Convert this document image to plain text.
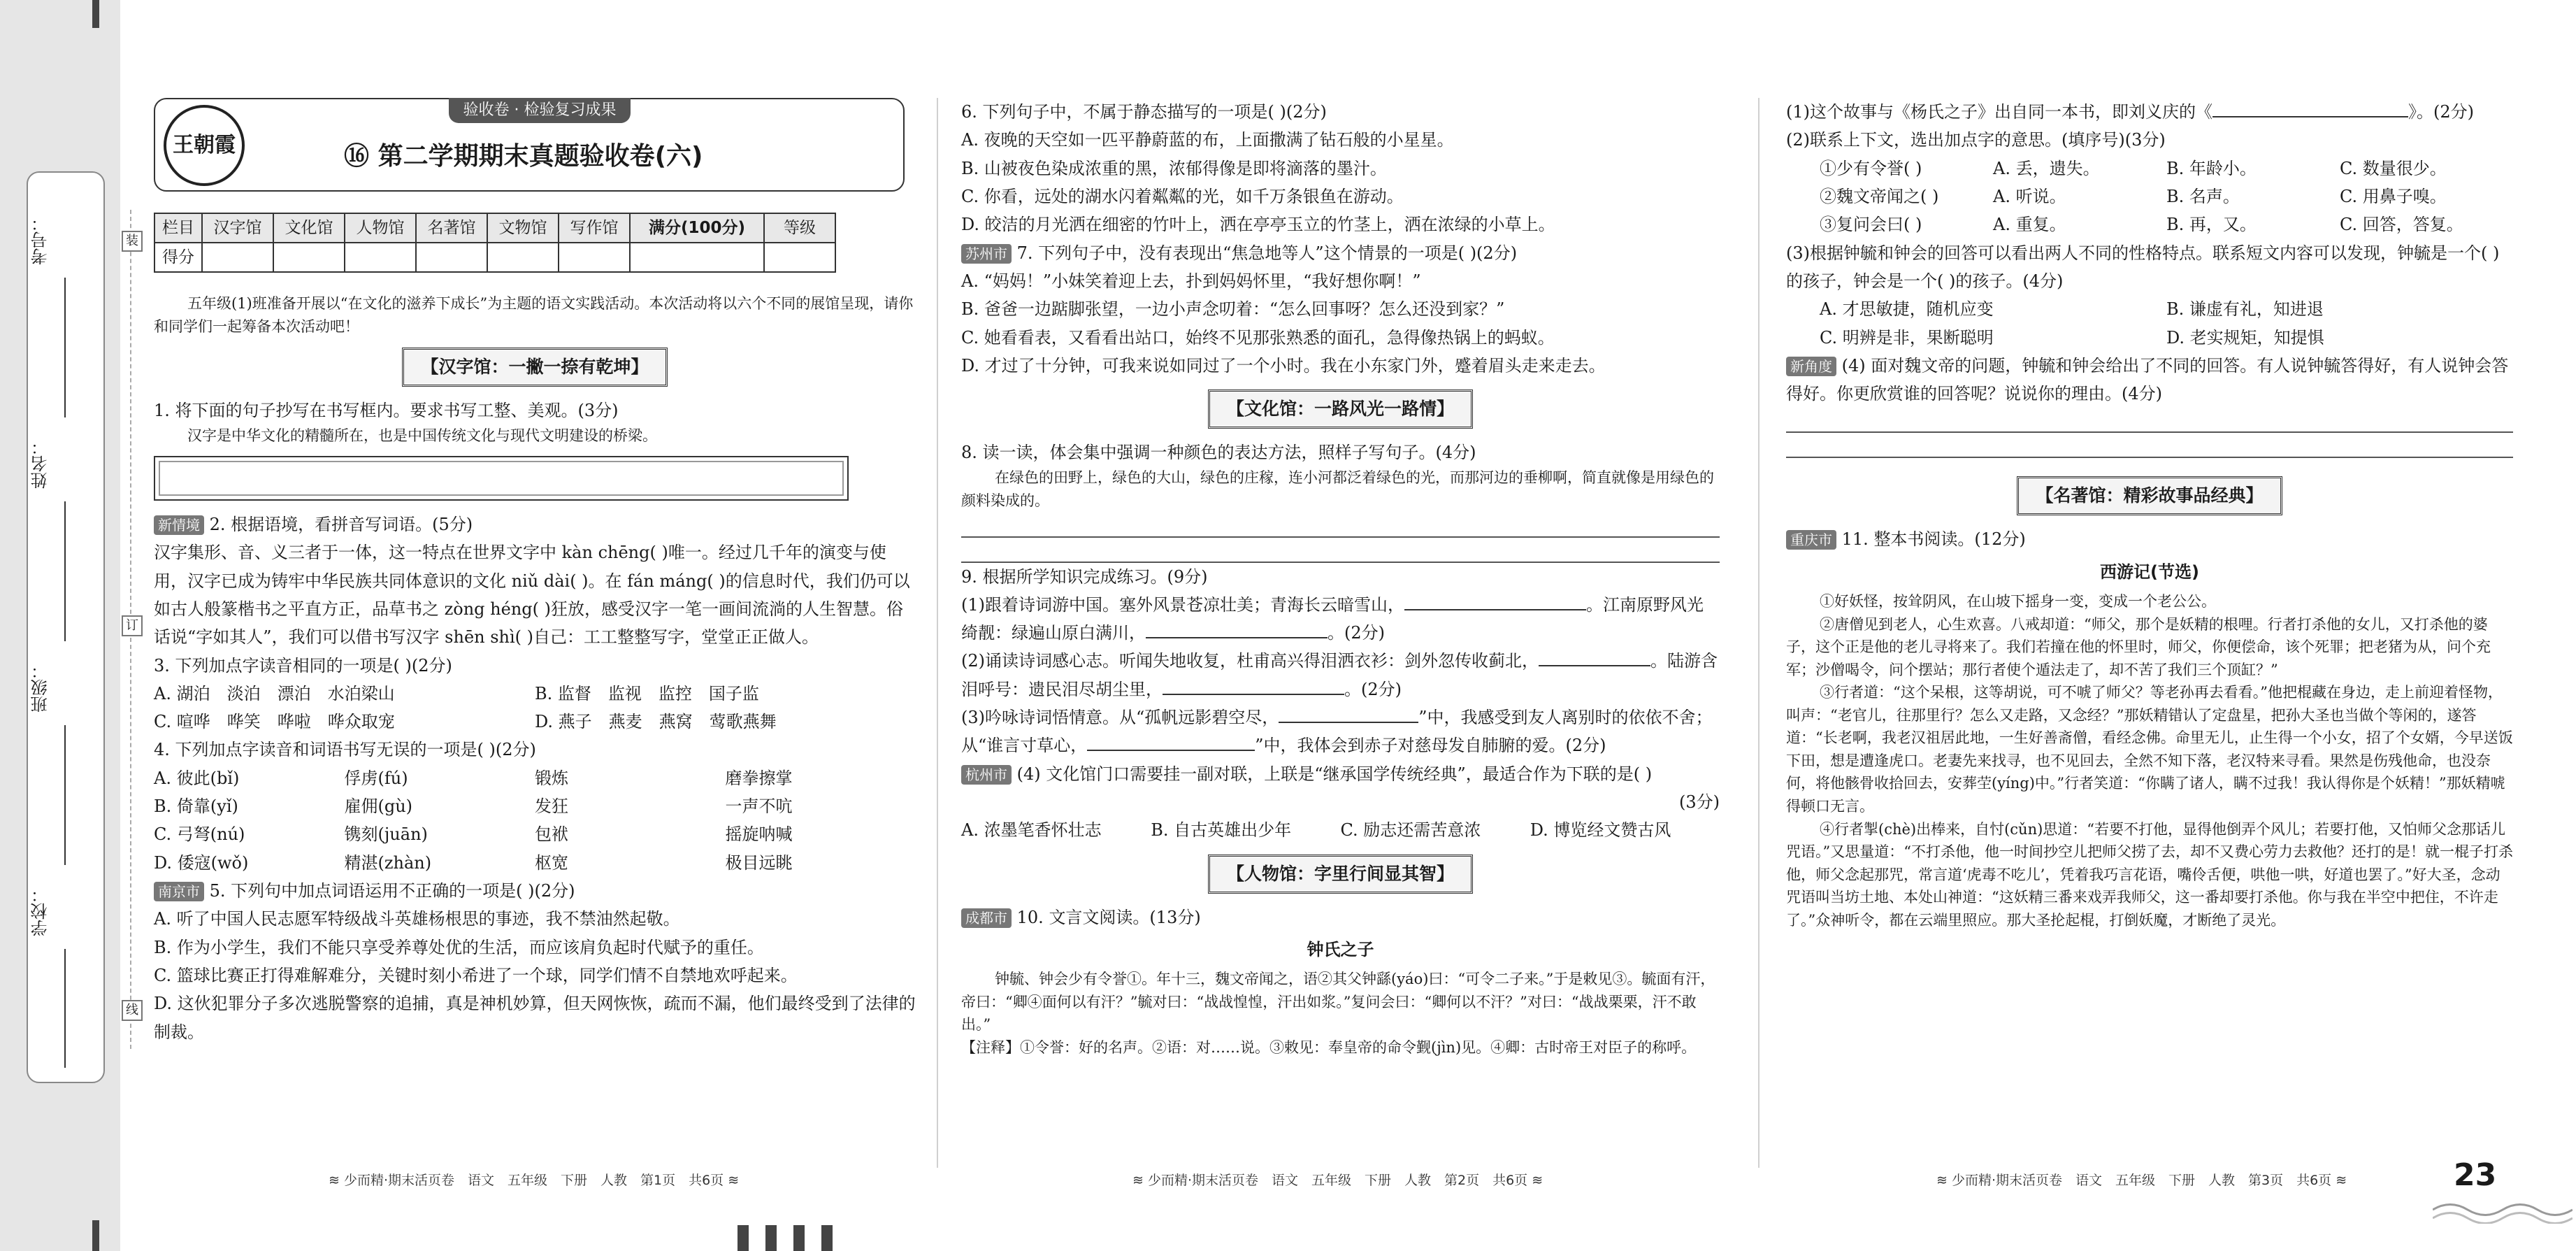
考号：
姓名：
班级：
学校：
装
订
线
验收卷 · 检验复习成果
王朝霞	⑯ 第二学期期末真题验收卷(六)
栏目	汉字馆	文化馆	人物馆	名著馆	文物馆	写作馆	满分(100分)	等级
得分								

五年级(1)班准备开展以“在文化的滋养下成长”为主题的语文实践活动。本次活动将以六个不同的展馆呈现，请你和同学们一起筹备本次活动吧！

【汉字馆：一撇一捺有乾坤】

1. 将下面的句子抄写在书写框内。要求书写工整、美观。(3分)

汉字是中华文化的精髓所在，也是中国传统文化与现代文明建设的桥梁。

新情境 2. 根据语境，看拼音写词语。(5分)

汉字集形、音、义三者于一体，这一特点在世界文字中 kàn chēng( )唯一。经过几千年的演变与使用，汉字已成为铸牢中华民族共同体意识的文化 niǔ dài( )。在 fán máng( )的信息时代，我们仍可以如古人般篆楷书之平直方正，品草书之 zòng héng( )狂放，感受汉字一笔一画间流淌的人生智慧。俗话说“字如其人”，我们可以借书写汉字 shēn shì( )自己：工工整整写字，堂堂正正做人。

3. 下列加点字读音相同的一项是( )(2分)

A. 湖泊　淡泊　漂泊　水泊梁山	B. 监督　监视　监控　国子监
C. 喧哗　哗笑　哗啦　哗众取宠	D. 燕子　燕麦　燕窝　莺歌燕舞

4. 下列加点字读音和词语书写无误的一项是( )(2分)

A. 彼此(bǐ)	俘虏(fú)	锻炼	磨拳擦掌
B. 倚靠(yǐ)	雇佣(gù)	发狂	一声不吭
C. 弓弩(nú)	镌刻(juān)	包袱	摇旋呐喊
D. 倭寇(wǒ)	精湛(zhàn)	枢宽	极目远眺

南京市 5. 下列句中加点词语运用不正确的一项是( )(2分)

A. 听了中国人民志愿军特级战斗英雄杨根思的事迹，我不禁油然起敬。

B. 作为小学生，我们不能只享受养尊处优的生活，而应该肩负起时代赋予的重任。

C. 篮球比赛正打得难解难分，关键时刻小希进了一个球，同学们情不自禁地欢呼起来。

D. 这伙犯罪分子多次逃脱警察的追捕，真是神机妙算，但天网恢恢，疏而不漏，他们最终受到了法律的制裁。

6. 下列句子中，不属于静态描写的一项是( )(2分)

A. 夜晚的天空如一匹平静蔚蓝的布，上面撒满了钻石般的小星星。

B. 山被夜色染成浓重的黑，浓郁得像是即将滴落的墨汁。

C. 你看，远处的湖水闪着粼粼的光，如千万条银鱼在游动。

D. 皎洁的月光洒在细密的竹叶上，洒在亭亭玉立的竹茎上，洒在浓绿的小草上。

苏州市 7. 下列句子中，没有表现出“焦急地等人”这个情景的一项是( )(2分)

A. “妈妈！”小妹笑着迎上去，扑到妈妈怀里，“我好想你啊！”

B. 爸爸一边踮脚张望，一边小声念叨着：“怎么回事呀？怎么还没到家？”

C. 她看看表，又看看出站口，始终不见那张熟悉的面孔，急得像热锅上的蚂蚁。

D. 才过了十分钟，可我来说如同过了一个小时。我在小东家门外，蹙着眉头走来走去。

【文化馆：一路风光一路情】

8. 读一读，体会集中强调一种颜色的表达方法，照样子写句子。(4分)

在绿色的田野上，绿色的大山，绿色的庄稼，连小河都泛着绿色的光，而那河边的垂柳啊，简直就像是用绿色的颜料染成的。

9. 根据所学知识完成练习。(9分)

(1)跟着诗词游中国。塞外风景苍凉壮美；青海长云暗雪山，	。江南原野风光绮靓：绿遍山原白满川，	。(2分)

(2)诵读诗词感心志。听闻失地收复，杜甫高兴得泪洒衣衫：剑外忽传收蓟北，	。陆游含泪呼号：遗民泪尽胡尘里，	。(2分)

(3)吟咏诗词悟情意。从“孤帆远影碧空尽，	”中，我感受到友人离别时的依依不舍；从“谁言寸草心，	”中，我体会到赤子对慈母发自肺腑的爱。(2分)

杭州市 (4) 文化馆门口需要挂一副对联，上联是“继承国学传统经典”，最适合作为下联的是( )

(3分)

A. 浓墨笔香怀壮志	B. 自古英雄出少年	C. 励志还需苦意浓	D. 博览经文赞古风
【人物馆：字里行间显其智】

成都市 10. 文言文阅读。(13分)

钟氏之子

钟毓、钟会少有令誉①。年十三，魏文帝闻之，语②其父钟繇(yáo)曰：“可令二子来。”于是敕见③。毓面有汗，帝曰：“卿④面何以有汗？”毓对曰：“战战惶惶，汗出如浆。”复问会曰：“卿何以不汗？”对曰：“战战栗栗，汗不敢出。”

【注释】①令誉：好的名声。②语：对……说。③敕见：奉皇帝的命令觐(jìn)见。④卿：古时帝王对臣子的称呼。

(1)这个故事与《杨氏之子》出自同一本书，即刘义庆的《	》。(2分)

(2)联系上下文，选出加点字的意思。(填序号)(3分)

①少有令誉( )	A. 丢，遗失。	B. 年龄小。	C. 数量很少。
②魏文帝闻之( )	A. 听说。	B. 名声。	C. 用鼻子嗅。
③复问会曰( )	A. 重复。	B. 再，又。	C. 回答，答复。

(3)根据钟毓和钟会的回答可以看出两人不同的性格特点。联系短文内容可以发现，钟毓是一个( )的孩子，钟会是一个( )的孩子。(4分)

A. 才思敏捷，随机应变	B. 谦虚有礼，知进退
C. 明辨是非，果断聪明	D. 老实规矩，知提惧

新角度 (4) 面对魏文帝的问题，钟毓和钟会给出了不同的回答。有人说钟毓答得好，有人说钟会答得好。你更欣赏谁的回答呢？说说你的理由。(4分)

【名著馆：精彩故事品经典】

重庆市 11. 整本书阅读。(12分)

西游记(节选)

①好妖怪，按耸阴风，在山坡下摇身一变，变成一个老公公。

②唐僧见到老人，心生欢喜。八戒却道：“师父，那个是妖精的根哩。行者打杀他的女儿，又打杀他的婆子，这个正是他的老儿寻将来了。我们若撞在他的怀里时，师父，你便偿命，该个死罪；把老猪为从，问个充军；沙僧喝令，问个摆站；那行者使个遁法走了，却不苦了我们三个顶缸？”

③行者道：“这个呆根，这等胡说，可不唬了师父？等老孙再去看看。”他把棍藏在身边，走上前迎着怪物，叫声：“老官儿，往那里行？怎么又走路，又念经？”那妖精错认了定盘星，把孙大圣也当做个等闲的，遂答道：“长老啊，我老汉祖居此地，一生好善斋僧，看经念佛。命里无儿，止生得一个小女，招了个女婿，今早送饭下田，想是遭逢虎口。老妻先来找寻，也不见回去，全然不知下落，老汉特来寻看。果然是伤残他命，也没奈何，将他骸骨收拾回去，安葬茔(yíng)中。”行者笑道：“你瞒了诸人，瞒不过我！我认得你是个妖精！”那妖精唬得顿口无言。

④行者掣(chè)出棒来，自忖(cǔn)思道：“若要不打他，显得他倒弄个风儿；若要打他，又怕师父念那话儿咒语。”又思量道：“不打杀他，他一时间抄空儿把师父捞了去，却不又费心劳力去救他？还打的是！就一棍子打杀他，师父念起那咒，常言道‘虎毒不吃儿’，凭着我巧言花语，嘴伶舌便，哄他一哄，好道也罢了。”好大圣，念动咒语叫当坊土地、本处山神道：“这妖精三番来戏弄我师父，这一番却要打杀他。你与我在半空中把住，不许走了。”众神听令，都在云端里照应。那大圣抡起棍，打倒妖魔，才断绝了灵光。

≋ 少而精·期末活页卷　语文　五年级　下册　人教　第1页　共6页 ≋	≋ 少而精·期末活页卷　语文　五年级　下册　人教　第2页　共6页 ≋	≋ 少而精·期末活页卷　语文　五年级　下册　人教　第3页　共6页 ≋	23
